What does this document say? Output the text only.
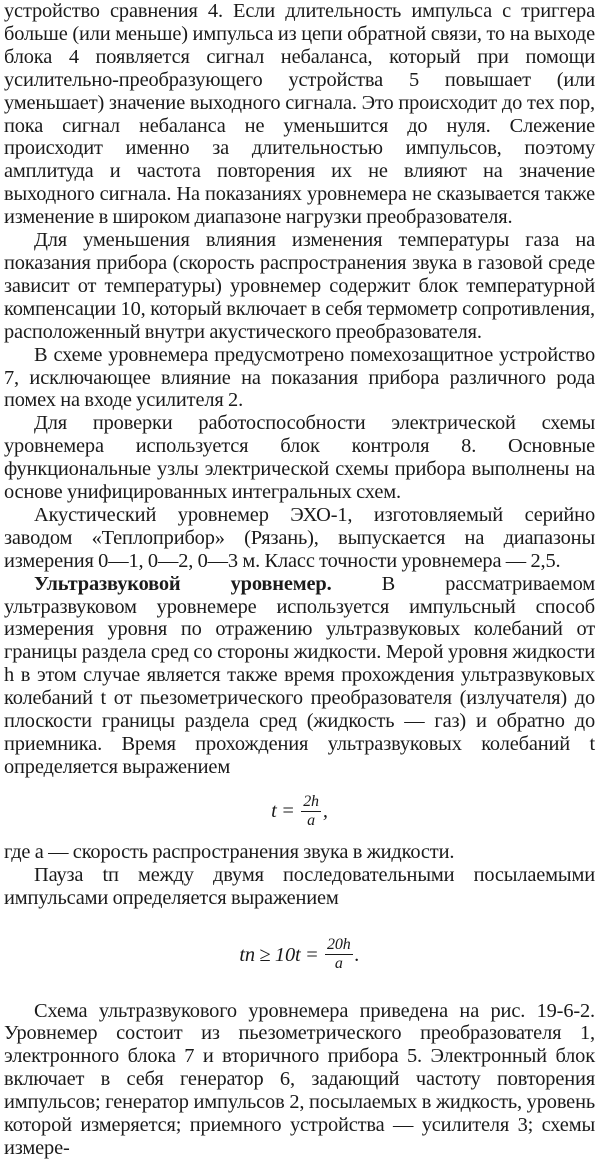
устройство сравнения 4. Если длительность импульса с триггера больше (или меньше) импульса из цепи обратной связи, то на выходе блока 4 появляется сигнал небаланса, который при помощи усилительно-преобразующего устройства 5 повышает (или уменьшает) значение выходного сигнала. Это происходит до тех пор, пока сигнал небаланса не уменьшится до нуля. Слежение происходит именно за длительностью импульсов, поэтому амплитуда и частота повторения их не влияют на значение выходного сигнала. На показаниях уровнемера не сказывается также изменение в широком диапазоне нагрузки преобразователя.

Для уменьшения влияния изменения температуры газа на показания прибора (скорость распространения звука в газовой среде зависит от температуры) уровнемер содержит блок температурной компенсации 10, который включает в себя термометр сопротивления, расположенный внутри акустического преобразователя.

В схеме уровнемера предусмотрено помехозащитное устройство 7, исключающее влияние на показания прибора различного рода помех на входе усилителя 2.

Для проверки работоспособности электрической схемы уровнемера используется блок контроля 8. Основные функциональные узлы электрической схемы прибора выполнены на основе унифицированных интегральных схем.

Акустический уровнемер ЭХО-1, изготовляемый серийно заводом «Теплоприбор» (Рязань), выпускается на диапазоны измерения 0—1, 0—2, 0—3 м. Класс точности уровнемера — 2,5.

Ультразвуковой уровнемер. В рассматриваемом ультразвуковом уровнемере используется импульсный способ измерения уровня по отражению ультразвуковых колебаний от границы раздела сред со стороны жидкости. Мерой уровня жидкости h в этом случае является также время прохождения ультразвуковых колебаний t от пьезометрического преобразователя (излучателя) до плоскости границы раздела сред (жидкость — газ) и обратно до приемника. Время прохождения ультразвуковых колебаний t определяется выражением

$t = \frac{2h}{a}$ ,

где a — скорость распространения звука в жидкости.

Пауза tп между двумя последовательными посылаемыми импульсами определяется выражением

tп ≥ $10t = \frac{20h}{a}$ .

Схема ультразвукового уровнемера приведена на рис. 19-6-2. Уровнемер состоит из пьезометрического преобразователя 1, электронного блока 7 и вторичного прибора 5. Электронный блок включает в себя генератор 6, задающий частоту повторения импульсов; генератор импульсов 2, посылаемых в жидкость, уровень которой измеряется; приемного устройства — усилителя 3; схемы измере-
